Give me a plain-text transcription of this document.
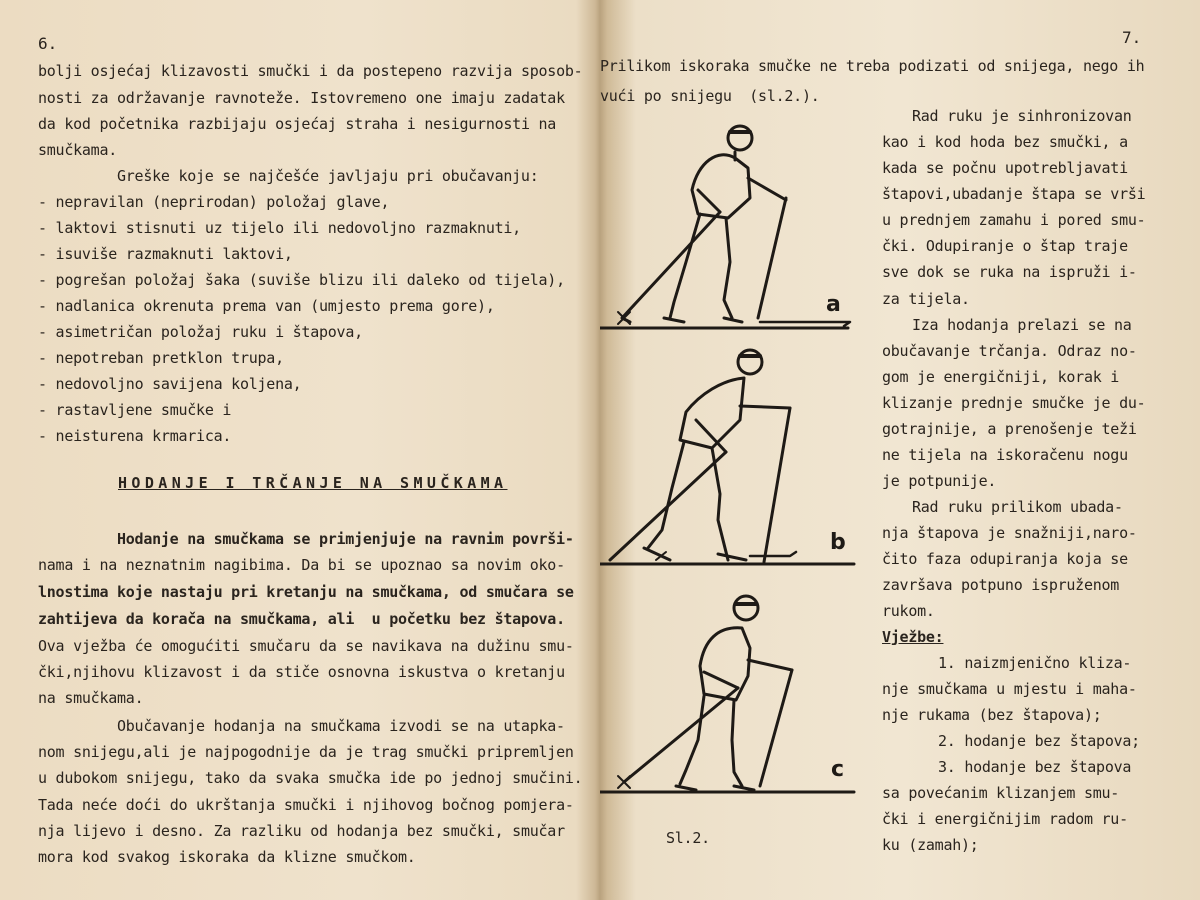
6.
bolji osjećaj klizavosti smučki i da postepeno razvija sposob-
nosti za održavanje ravnoteže. Istovremeno one imaju zadatak
da kod početnika razbijaju osjećaj straha i nesigurnosti na
smučkama.
Greške koje se najčešće javljaju pri obučavanju:
- nepravilan (neprirodan) položaj glave,
- laktovi stisnuti uz tijelo ili nedovoljno razmaknuti,
- isuviše razmaknuti laktovi,
- pogrešan položaj šaka (suviše blizu ili daleko od tijela),
- nadlanica okrenuta prema van (umjesto prema gore),
- asimetričan položaj ruku i štapova,
- nepotreban pretklon trupa,
- nedovoljno savijena koljena,
- rastavljene smučke i
- neisturena krmarica.
HODANJE I TRČANJE NA SMUČKAMA
Hodanje na smučkama se primjenjuje na ravnim površi-
nama i na neznatnim nagibima. Da bi se upoznao sa novim oko-
lnostima koje nastaju pri kretanju na smučkama, od smučara se
zahtijeva da korača na smučkama, ali  u početku bez štapova.
Ova vježba će omogućiti smučaru da se navikava na dužinu smu-
čki,njihovu klizavost i da stiče osnovna iskustva o kretanju
na smučkama.
Obučavanje hodanja na smučkama izvodi se na utapka-
nom snijegu,ali je najpogodnije da je trag smučki pripremljen
u dubokom snijegu, tako da svaka smučka ide po jednoj smučini.
Tada neće doći do ukrštanja smučki i njihovog bočnog pomjera-
nja lijevo i desno. Za razliku od hodanja bez smučki, smučar
mora kod svakog iskoraka da klizne smučkom.
7.
Prilikom iskoraka smučke ne treba podizati od snijega, nego ih
vući po snijegu  (sl.2.).
a
b
c
Sl.2.
Rad ruku je sinhronizovan
kao i kod hoda bez smučki, a
kada se počnu upotrebljavati
štapovi,ubadanje štapa se vrši
u prednjem zamahu i pored smu-
čki. Odupiranje o štap traje
sve dok se ruka na ispruži i-
za tijela.
Iza hodanja prelazi se na
obučavanje trčanja. Odraz no-
gom je energičniji, korak i
klizanje prednje smučke je du-
gotrajnije, a prenošenje teži
ne tijela na iskoračenu nogu
je potpunije.
Rad ruku prilikom ubada-
nja štapova je snažniji,naro-
čito faza odupiranja koja se
završava potpuno ispruženom
rukom.
Vježbe:
1. naizmjenično kliza-
nje smučkama u mjestu i maha-
nje rukama (bez štapova);
2. hodanje bez štapova;
3. hodanje bez štapova
sa povećanim klizanjem smu-
čki i energičnijim radom ru-
ku (zamah);
